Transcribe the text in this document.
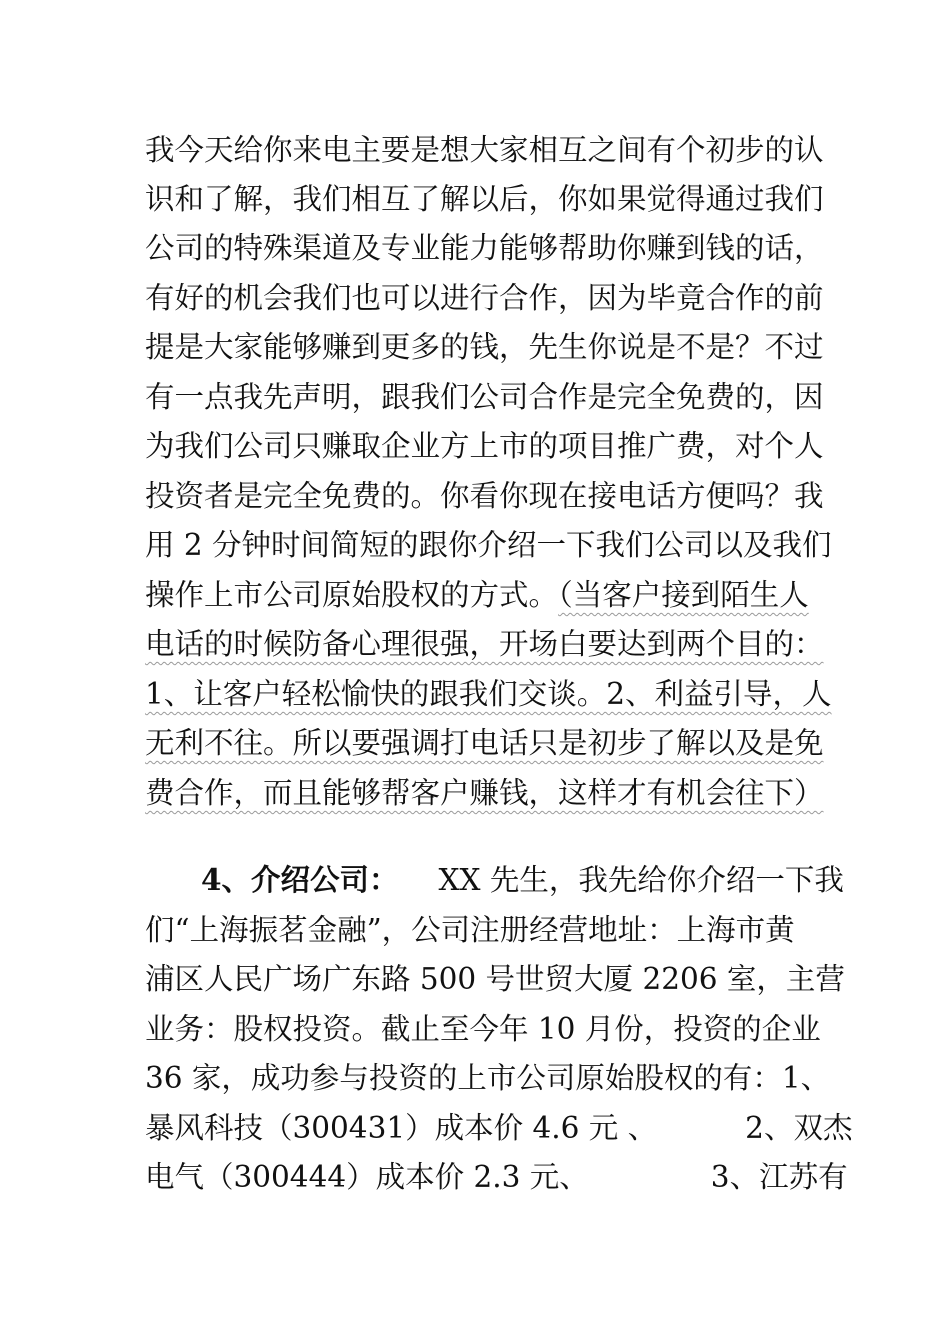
我今天给你来电主要是想大家相互之间有个初步的认
识和了解，我们相互了解以后，你如果觉得通过我们
公司的特殊渠道及专业能力能够帮助你赚到钱的话，
有好的机会我们也可以进行合作，因为毕竟合作的前
提是大家能够赚到更多的钱，先生你说是不是？不过
有一点我先声明，跟我们公司合作是完全免费的，因
为我们公司只赚取企业方上市的项目推广费，对个人
投资者是完全免费的。你看你现在接电话方便吗？我
用 2 分钟时间简短的跟你介绍一下我们公司以及我们
操作上市公司原始股权的方式。（当客户接到陌生人
电话的时候防备心理很强，开场白要达到两个目的：
1、让客户轻松愉快的跟我们交谈。2、利益引导，人
无利不往。所以要强调打电话只是初步了解以及是免
费合作，而且能够帮客户赚钱，这样才有机会往下）
4、介绍公司： XX 先生，我先给你介绍一下我
们“上海振茗金融”，公司注册经营地址：上海市黄
浦区人民广场广东路 500 号世贸大厦 2206 室，主营
业务：股权投资。截止至今年 10 月份，投资的企业
36 家，成功参与投资的上市公司原始股权的有：1、
暴风科技（300431）成本价 4.6 元 、	2、双杰
电气（300444）成本价 2.3 元、	3、江苏有
